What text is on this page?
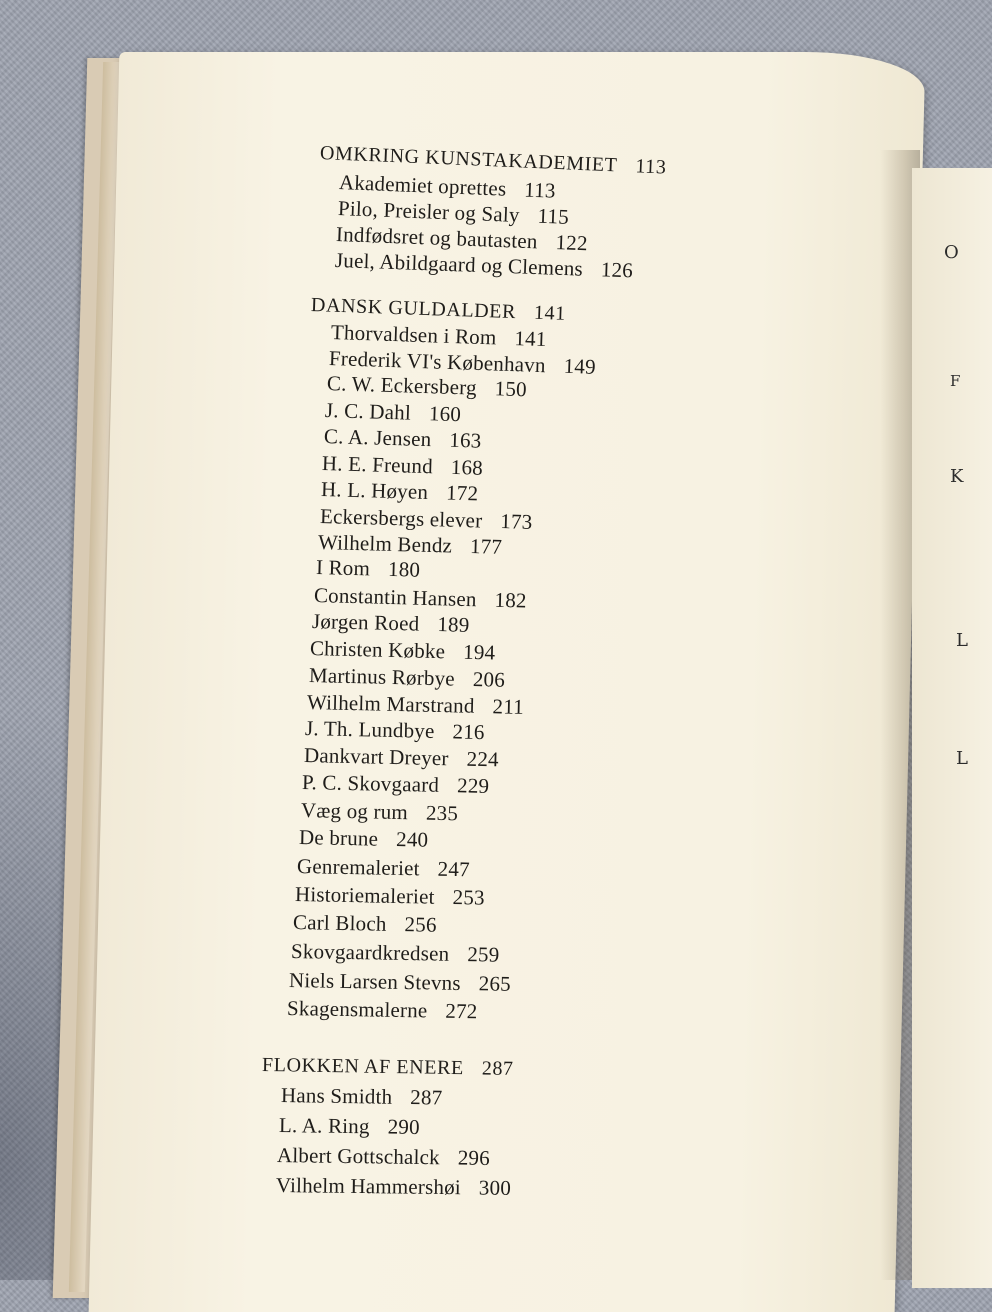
O
F
K
L
L
OMKRING KUNSTAKADEMIET 113
Akademiet oprettes 113
Pilo, Preisler og Saly 115
Indfødsret og bautasten 122
Juel, Abildgaard og Clemens 126
DANSK GULDALDER 141
Thorvaldsen i Rom 141
Frederik VI's København 149
C. W. Eckersberg 150
J. C. Dahl 160
C. A. Jensen 163
H. E. Freund 168
H. L. Høyen 172
Eckersbergs elever 173
Wilhelm Bendz 177
I Rom 180
Constantin Hansen 182
Jørgen Roed 189
Christen Købke 194
Martinus Rørbye 206
Wilhelm Marstrand 211
J. Th. Lundbye 216
Dankvart Dreyer 224
P. C. Skovgaard 229
Væg og rum 235
De brune 240
Genremaleriet 247
Historiemaleriet 253
Carl Bloch 256
Skovgaardkredsen 259
Niels Larsen Stevns 265
Skagensmalerne 272
FLOKKEN AF ENERE 287
Hans Smidth 287
L. A. Ring 290
Albert Gottschalck 296
Vilhelm Hammershøi 300
